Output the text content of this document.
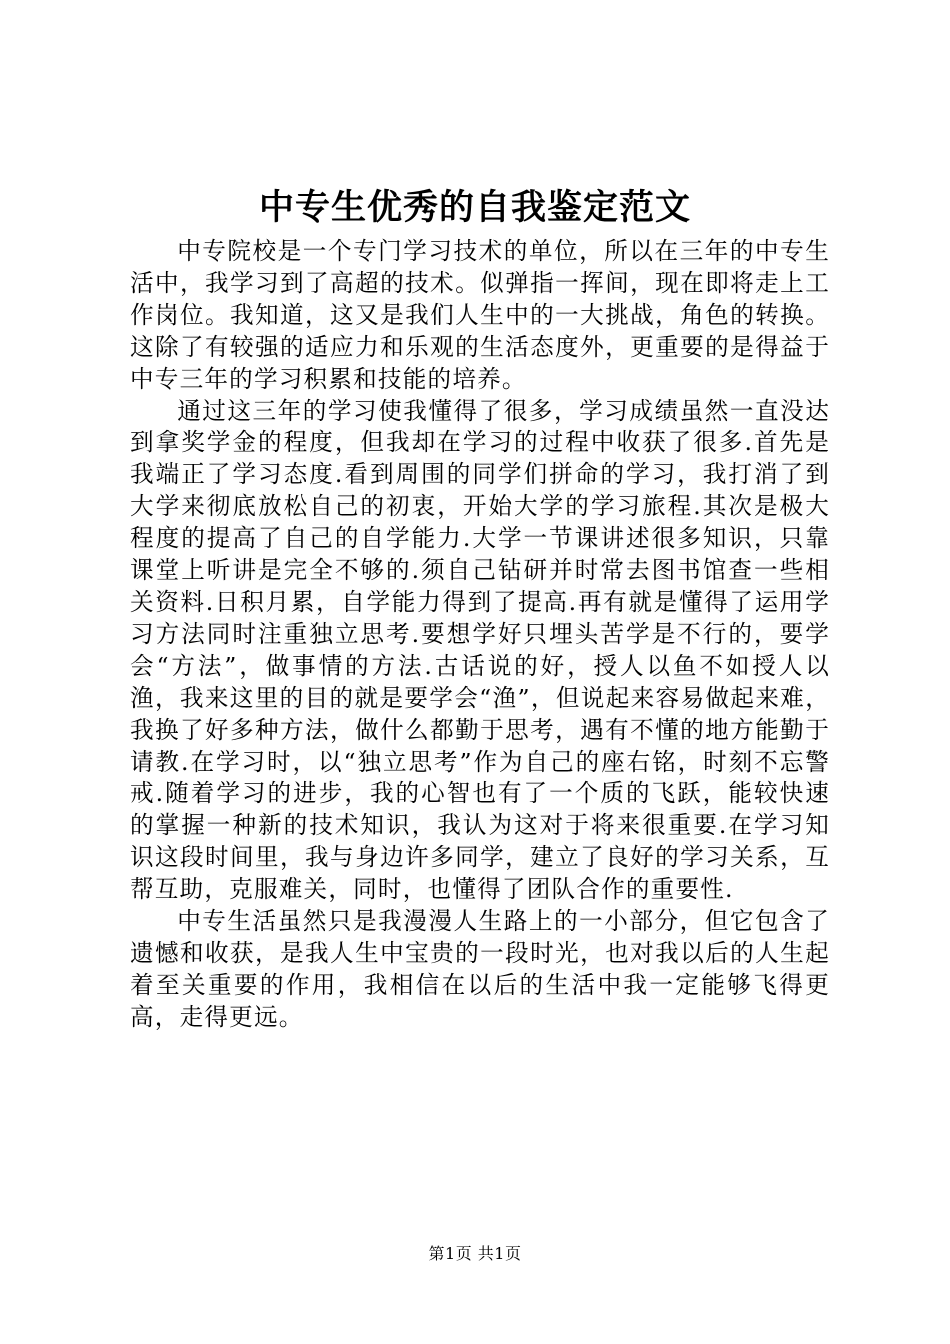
中专生优秀的自我鉴定范文

中专院校是一个专门学习技术的单位，所以在三年的中专生活中，我学习到了高超的技术。似弹指一挥间，现在即将走上工作岗位。我知道，这又是我们人生中的一大挑战，角色的转换。这除了有较强的适应力和乐观的生活态度外，更重要的是得益于中专三年的学习积累和技能的培养。

通过这三年的学习使我懂得了很多，学习成绩虽然一直没达到拿奖学金的程度，但我却在学习的过程中收获了很多.首先是我端正了学习态度.看到周围的同学们拼命的学习，我打消了到大学来彻底放松自己的初衷，开始大学的学习旅程.其次是极大程度的提高了自己的自学能力.大学一节课讲述很多知识，只靠课堂上听讲是完全不够的.须自己钻研并时常去图书馆查一些相关资料.日积月累，自学能力得到了提高.再有就是懂得了运用学习方法同时注重独立思考.要想学好只埋头苦学是不行的，要学会“方法”，做事情的方法.古话说的好，授人以鱼不如授人以渔，我来这里的目的就是要学会“渔”，但说起来容易做起来难，我换了好多种方法，做什么都勤于思考，遇有不懂的地方能勤于请教.在学习时，以“独立思考”作为自己的座右铭，时刻不忘警戒.随着学习的进步，我的心智也有了一个质的飞跃，能较快速的掌握一种新的技术知识，我认为这对于将来很重要.在学习知识这段时间里，我与身边许多同学，建立了良好的学习关系，互帮互助，克服难关，同时，也懂得了团队合作的重要性.

中专生活虽然只是我漫漫人生路上的一小部分，但它包含了遗憾和收获，是我人生中宝贵的一段时光，也对我以后的人生起着至关重要的作用，我相信在以后的生活中我一定能够飞得更高，走得更远。

第1页 共1页
